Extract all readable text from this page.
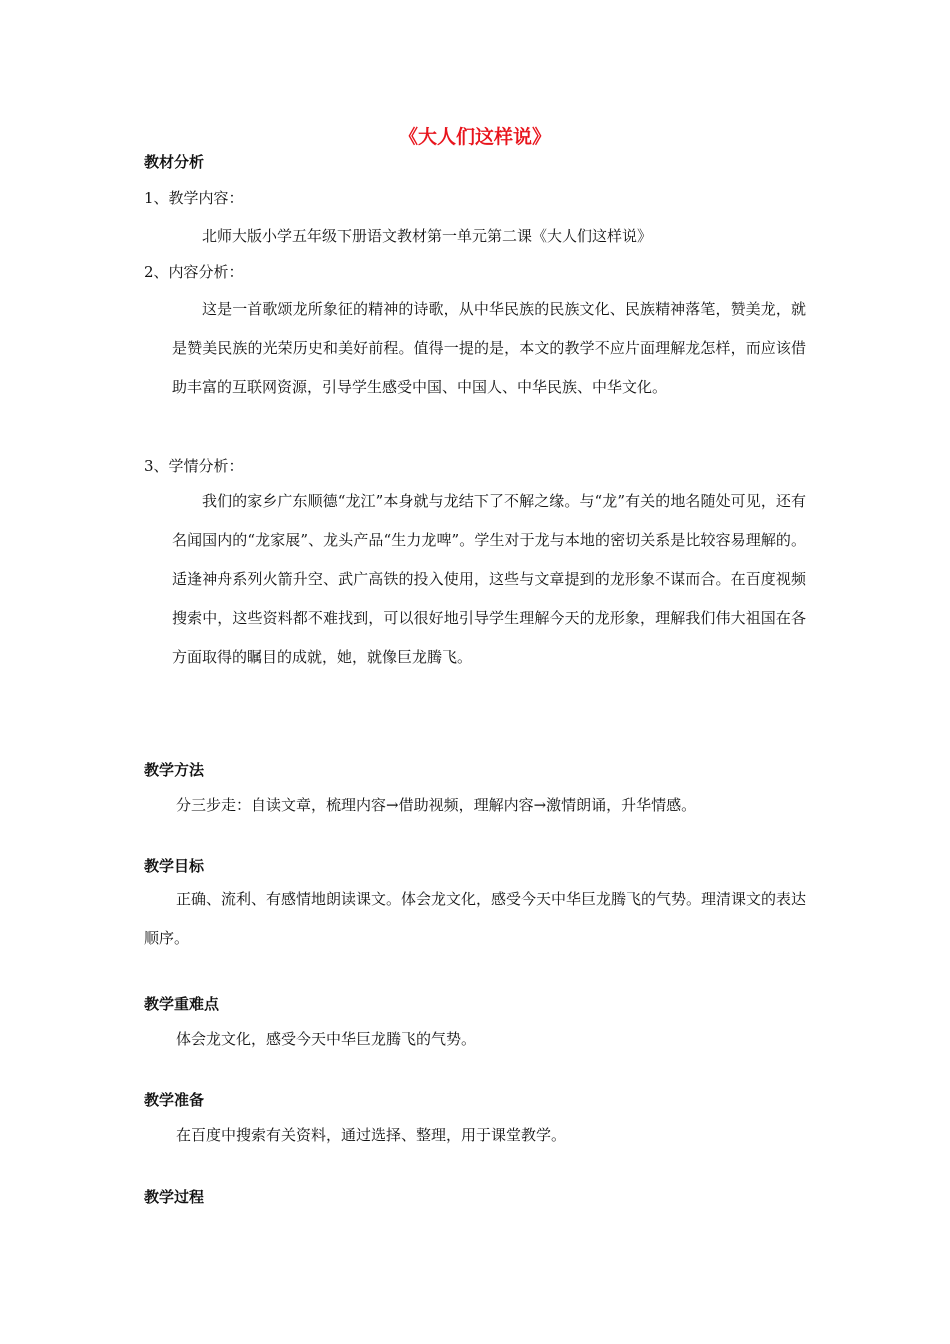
《大人们这样说》
教材分析
1、教学内容：
北师大版小学五年级下册语文教材第一单元第二课《大人们这样说》
2、内容分析：
这是一首歌颂龙所象征的精神的诗歌，从中华民族的民族文化、民族精神落笔，赞美龙，就是赞美民族的光荣历史和美好前程。值得一提的是，本文的教学不应片面理解龙怎样，而应该借助丰富的互联网资源，引导学生感受中国、中国人、中华民族、中华文化。
3、学情分析：
我们的家乡广东顺德“龙江”本身就与龙结下了不解之缘。与“龙”有关的地名随处可见，还有名闻国内的“龙家展”、龙头产品“生力龙啤”。学生对于龙与本地的密切关系是比较容易理解的。适逢神舟系列火箭升空、武广高铁的投入使用，这些与文章提到的龙形象不谋而合。在百度视频搜索中，这些资料都不难找到，可以很好地引导学生理解今天的龙形象，理解我们伟大祖国在各方面取得的瞩目的成就，她，就像巨龙腾飞。
教学方法
分三步走：自读文章，梳理内容→借助视频，理解内容→激情朗诵，升华情感。
教学目标
正确、流利、有感情地朗读课文。体会龙文化，感受今天中华巨龙腾飞的气势。理清课文的表达顺序。
教学重难点
体会龙文化，感受今天中华巨龙腾飞的气势。
教学准备
在百度中搜索有关资料，通过选择、整理，用于课堂教学。
教学过程
